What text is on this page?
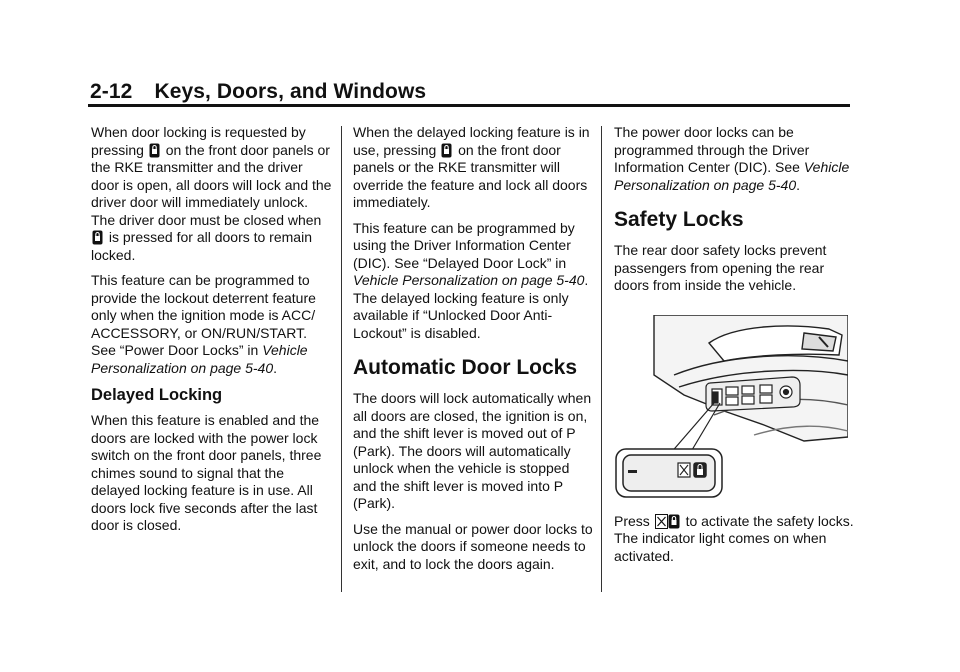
2-12 Keys, Doors, and Windows

When door locking is requested by pressing on the front door panels or the RKE transmitter and the driver door is open, all doors will lock and the driver door will immediately unlock. The driver door must be closed when  is pressed for all doors to remain locked.

This feature can be programmed to provide the lockout deterrent feature only when the ignition mode is ACC/ ACCESSORY, or ON/RUN/START. See “Power Door Locks” in Vehicle Personalization on page 5-40.

Delayed Locking

When this feature is enabled and the doors are locked with the power lock switch on the front door panels, three chimes sound to signal that the delayed locking feature is in use. All doors lock five seconds after the last door is closed.

When the delayed locking feature is in use, pressing on the front door panels or the RKE transmitter will override the feature and lock all doors immediately.

This feature can be programmed by using the Driver Information Center (DIC). See “Delayed Door Lock” in Vehicle Personalization on page 5-40. The delayed locking feature is only available if “Unlocked Door Anti-Lockout” is disabled.

Automatic Door Locks

The doors will lock automatically when all doors are closed, the ignition is on, and the shift lever is moved out of P (Park). The doors will automatically unlock when the vehicle is stopped and the shift lever is moved into P (Park).

Use the manual or power door locks to unlock the doors if someone needs to exit, and to lock the doors again.

The power door locks can be programmed through the Driver Information Center (DIC). See Vehicle Personalization on page 5-40.

Safety Locks

The rear door safety locks prevent passengers from opening the rear doors from inside the vehicle.

Press	to activate the safety locks. The indicator light comes on when activated.
